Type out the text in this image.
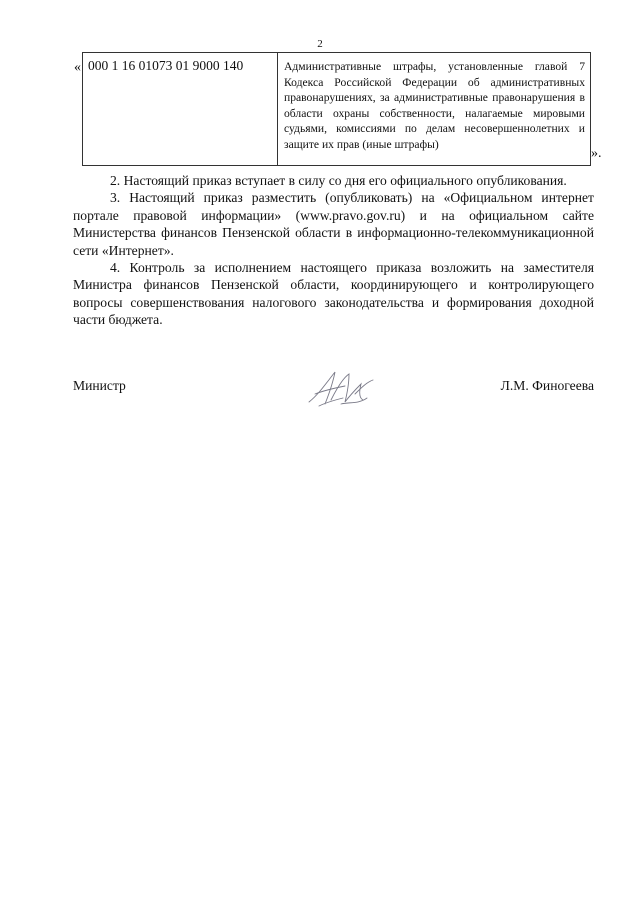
2
« 000 1 16 01073 01 9000 140	Административные штрафы, установленные главой 7 Кодекса Российской Федерации об административных правонарушениях, за административные правонарушения в области охраны собственности, налагаемые мировыми судьями, комиссиями по делам несовершеннолетних и защите их прав (иные штрафы)
».

2. Настоящий приказ вступает в силу со дня его официального опубликования.

3. Настоящий приказ разместить (опубликовать) на «Официальном интернет портале правовой информации» (www.pravo.gov.ru) и на официальном сайте Министерства финансов Пензенской области в информационно-телекоммуникационной сети «Интернет».

4. Контроль за исполнением настоящего приказа возложить на заместителя Министра финансов Пензенской области, координирующего и контролирующего вопросы совершенствования налогового законодательства и формирования доходной части бюджета.

Министр	Л.М. Финогеева
